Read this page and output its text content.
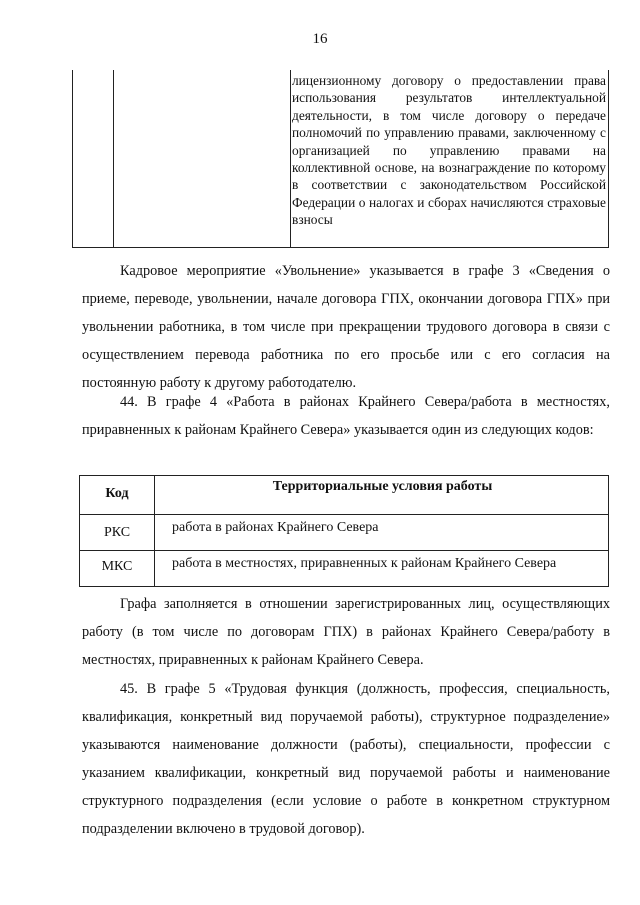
16
лицензионному договору о предоставлении права использования результатов интеллектуальной деятельности, в том числе договору о передаче полномочий по управлению правами, заключенному с организацией по управлению правами на коллективной основе, на вознаграждение по которому в соответствии с законодательством Российской Федерации о налогах и сборах начисляются страховые взносы

Кадровое мероприятие «Увольнение» указывается в графе 3 «Сведения о приеме, переводе, увольнении, начале договора ГПХ, окончании договора ГПХ» при увольнении работника, в том числе при прекращении трудового договора в связи с осуществлением перевода работника по его просьбе или с его согласия на постоянную работу к другому работодателю.

44. В графе 4 «Работа в районах Крайнего Севера/работа в местностях, приравненных к районам Крайнего Севера» указывается один из следующих кодов:

Код	Территориальные условия работы
РКС	работа в районах Крайнего Севера
МКС	работа в местностях, приравненных к районам Крайнего Севера

Графа заполняется в отношении зарегистрированных лиц, осуществляющих работу (в том числе по договорам ГПХ) в районах Крайнего Севера/работу в местностях, приравненных к районам Крайнего Севера.

45. В графе 5 «Трудовая функция (должность, профессия, специальность, квалификация, конкретный вид поручаемой работы), структурное подразделение» указываются наименование должности (работы), специальности, профессии с указанием квалификации, конкретный вид поручаемой работы и наименование структурного подразделения (если условие о работе в конкретном структурном подразделении включено в трудовой договор).
